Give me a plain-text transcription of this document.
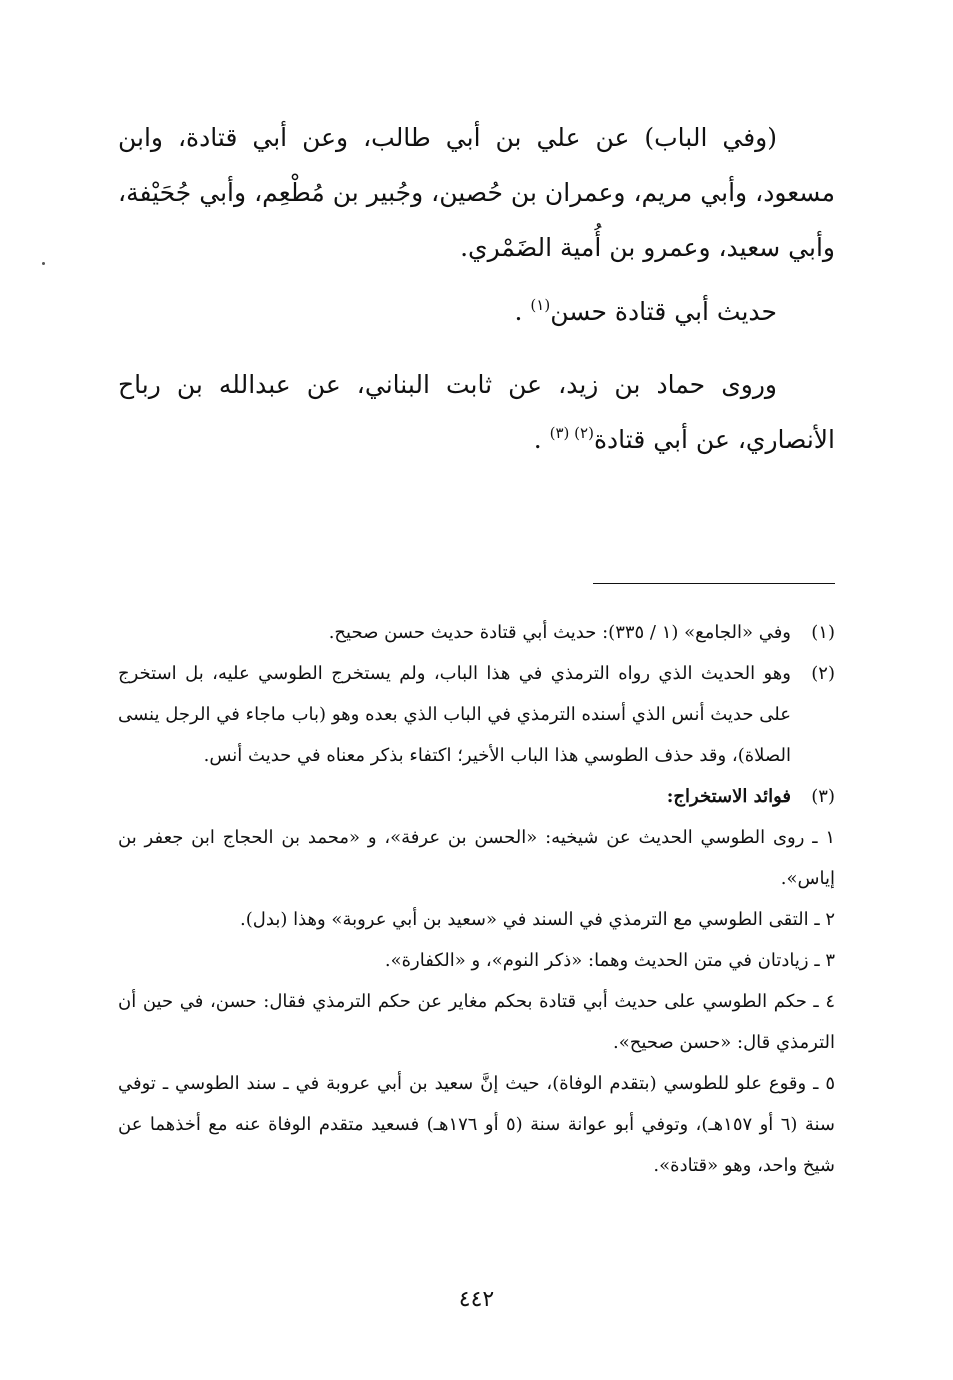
(وفي الباب) عن علي بن أبي طالب، وعن أبي قتادة، وابن مسعود، وأبي مريم، وعمران بن حُصين، وجُبير بن مُطْعِم، وأبي جُحَيْفة، وأبي سعيد، وعمرو بن أُمية الضَمْري.

حديث أبي قتادة حسن$^{(١)}$ .

وروى حماد بن زيد، عن ثابت البناني، عن عبدالله بن رباح الأنصاري، عن أبي قتادة$^{(٢) (٣)}$ .

(١)
وفي «الجامع» (١ / ٣٣٥): حديث أبي قتادة حديث حسن صحيح.
(٢)
وهو الحديث الذي رواه الترمذي في هذا الباب، ولم يستخرج الطوسي عليه، بل استخرج على حديث أنس الذي أسنده الترمذي في الباب الذي بعده وهو (باب ماجاء في الرجل ينسى الصلاة)، وقد حذف الطوسي هذا الباب الأخير؛ اكتفاء بذكر معناه في حديث أنس.
(٣)
فوائد الاستخراج:

١ ـ روى الطوسي الحديث عن شيخيه: «الحسن بن عرفة»، و «محمد بن الحجاج ابن جعفر بن إياس».

٢ ـ التقى الطوسي مع الترمذي في السند في «سعيد بن أبي عروبة» وهذا (بدل).

٣ ـ زيادتان في متن الحديث وهما: «ذكر النوم»، و «الكفارة».

٤ ـ حكم الطوسي على حديث أبي قتادة بحكم مغاير عن حكم الترمذي فقال: حسن، في حين أن الترمذي قال: «حسن صحيح».

٥ ـ وقوع علو للطوسي (بتقدم الوفاة)، حيث إنَّ سعيد بن أبي عروبة في ـ سند الطوسي ـ توفي سنة (٦ أو ١٥٧هـ)، وتوفي أبو عوانة سنة (٥ أو ١٧٦هـ) فسعيد متقدم الوفاة عنه مع أخذهما عن شيخ واحد، وهو «قتادة».

٤٤٢
